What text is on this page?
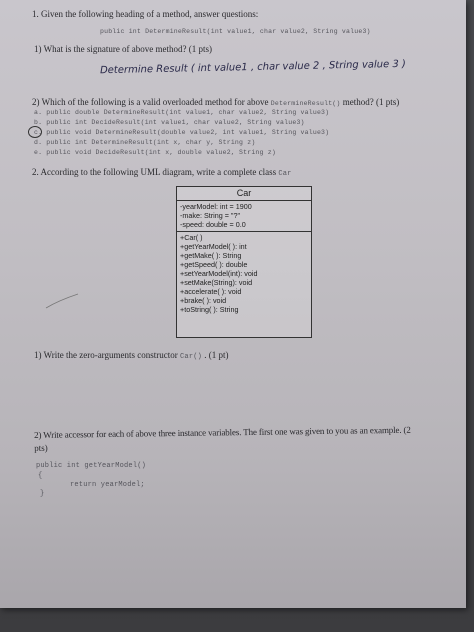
1. Given the following heading of a method, answer questions:
public int DetermineResult(int value1, char value2, String value3)
1) What is the signature of above method? (1 pts)
Determine Result ( int value1 , char value 2 , String value 3 )
2) Which of the following is a valid overloaded method for above DetermineResult() method? (1 pts)
a. public double DetermineResult(int value1, char value2, String value3)
b. public int DecideResult(int value1, char value2, String value3)
c. public void DetermineResult(double value2, int value1, String value3)
d. public int DetermineResult(int x, char y, String z)
e. public void DecideResult(int x, double value2, String z)
2. According to the following UML diagram, write a complete class Car
Car
-yearModel: int = 1900
-make: String = "?"
-speed: double = 0.0
+Car( )
+getYearModel( ): int
+getMake( ): String
+getSpeed( ): double
+setYearModel(int): void
+setMake(String): void
+accelerate( ): void
+brake( ): void
+toString( ): String
1) Write the zero-arguments constructor Car() . (1 pt)
2) Write accessor for each of above three instance variables. The first one was given to you as an example. (2
pts)
public int getYearModel()
{
return yearModel;
}
